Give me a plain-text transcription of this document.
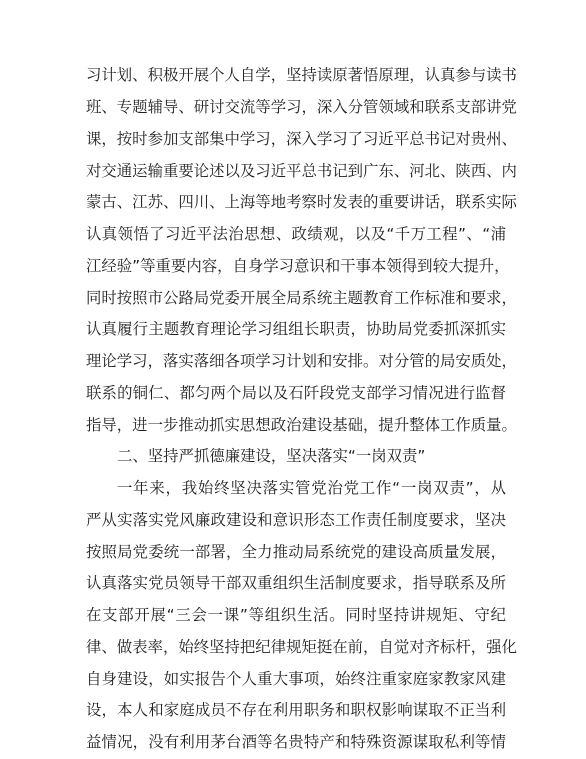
习计划、积极开展个人自学，坚持读原著悟原理，认真参与读书
班、专题辅导、研讨交流等学习，深入分管领域和联系支部讲党
课，按时参加支部集中学习，深入学习了习近平总书记对贵州、
对交通运输重要论述以及习近平总书记到广东、河北、陕西、内
蒙古、江苏、四川、上海等地考察时发表的重要讲话，联系实际
认真领悟了习近平法治思想、政绩观，以及“千万工程”、“浦
江经验”等重要内容，自身学习意识和干事本领得到较大提升，
同时按照市公路局党委开展全局系统主题教育工作标准和要求，
认真履行主题教育理论学习组组长职责，协助局党委抓深抓实
理论学习，落实落细各项学习计划和安排。对分管的局安质处，
联系的铜仁、都匀两个局以及石阡段党支部学习情况进行监督
指导，进一步推动抓实思想政治建设基础，提升整体工作质量。
二、坚持严抓德廉建设，坚决落实“一岗双责”
一年来，我始终坚决落实管党治党工作“一岗双责”，从
严从实落实党风廉政建设和意识形态工作责任制度要求，坚决
按照局党委统一部署，全力推动局系统党的建设高质量发展，
认真落实党员领导干部双重组织生活制度要求，指导联系及所
在支部开展“三会一课”等组织生活。同时坚持讲规矩、守纪
律、做表率，始终坚持把纪律规矩挺在前，自觉对齐标杆，强化
自身建设，如实报告个人重大事项，始终注重家庭家教家风建
设，本人和家庭成员不存在利用职务和职权影响谋取不正当利
益情况，没有利用茅台酒等名贵特产和特殊资源谋取私利等情
